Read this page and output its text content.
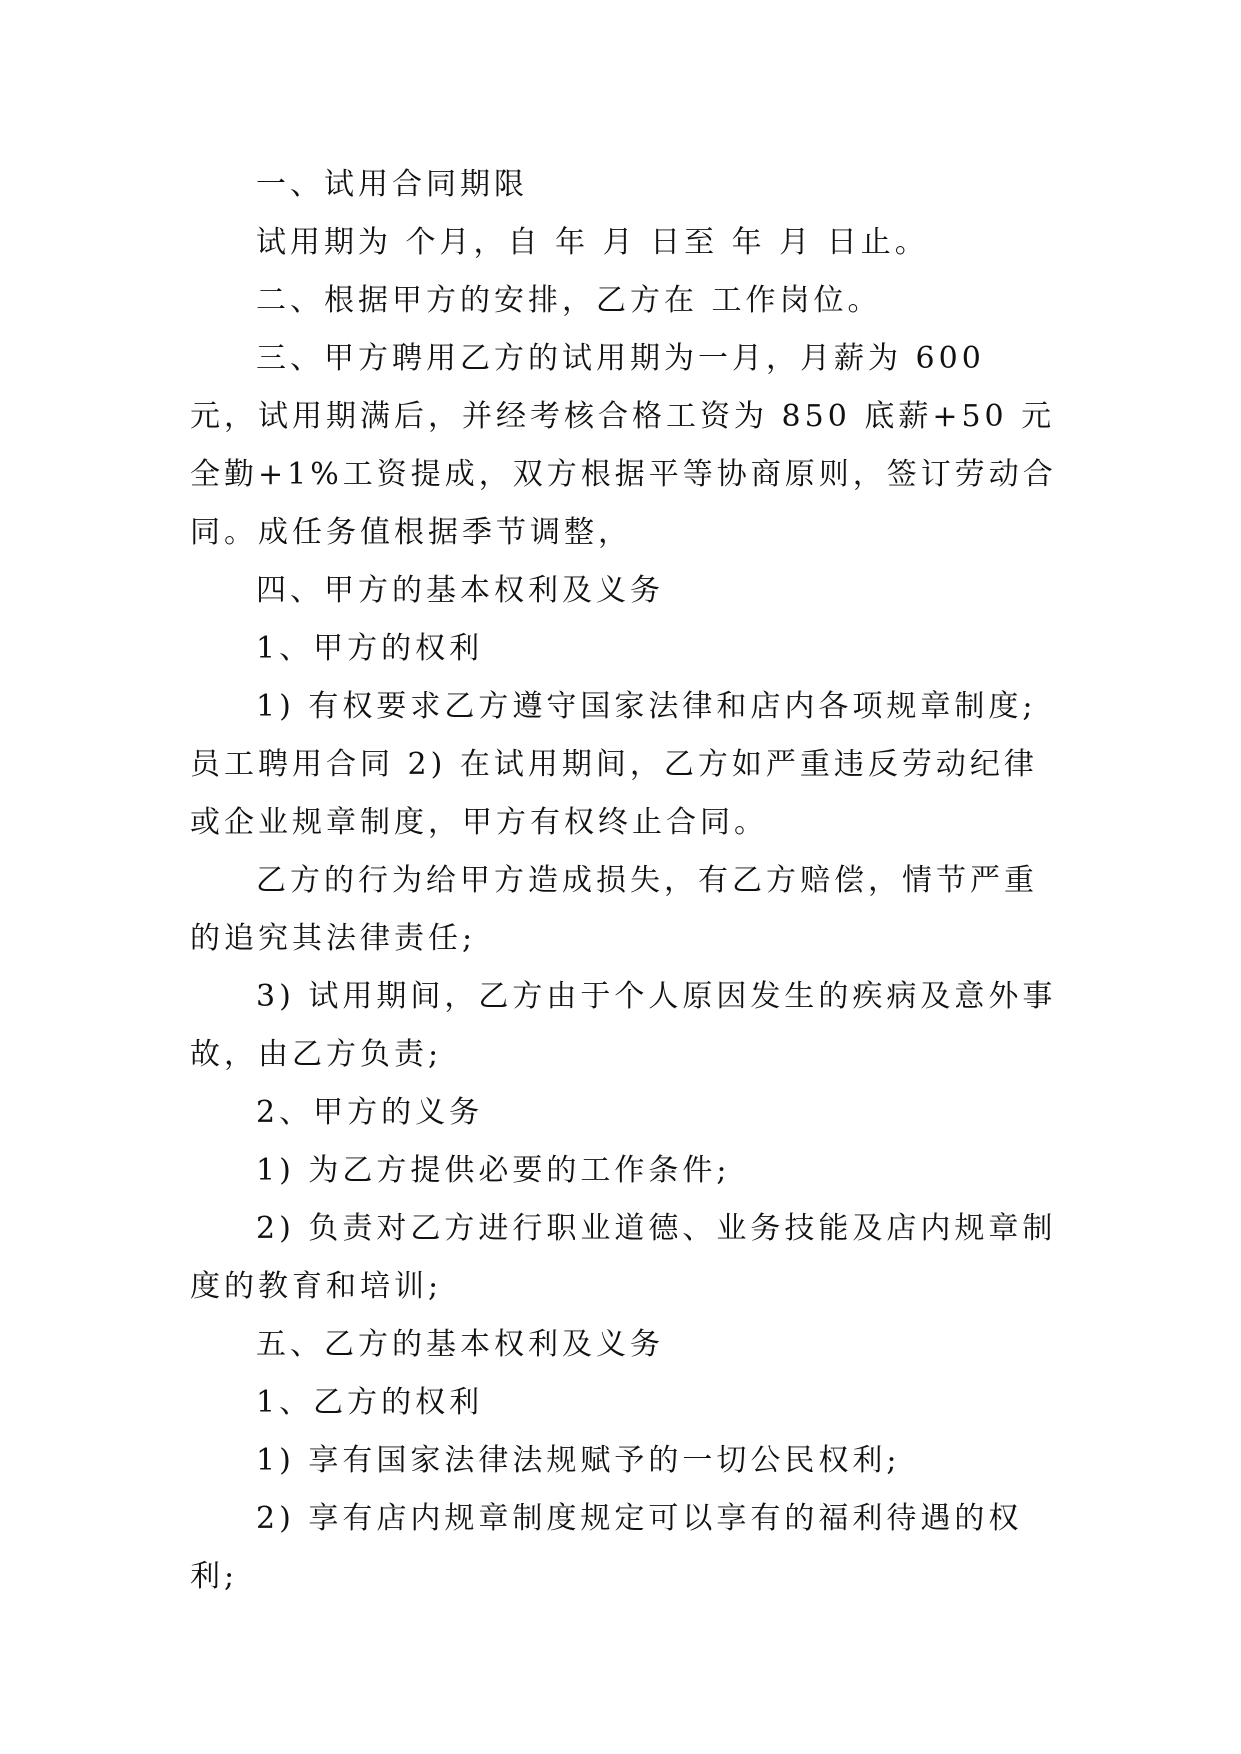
一、试用合同期限

试用期为 个月，自 年 月 日至 年 月 日止。

二、根据甲方的安排，乙方在 工作岗位。

三、甲方聘用乙方的试用期为一月，月薪为 600 元，试用期满后，并经考核合格工资为 850 底薪+50 元全勤+1%工资提成，双方根据平等协商原则，签订劳动合同。成任务值根据季节调整，

四、甲方的基本权利及义务

1、甲方的权利

1) 有权要求乙方遵守国家法律和店内各项规章制度;员工聘用合同 2) 在试用期间，乙方如严重违反劳动纪律或企业规章制度，甲方有权终止合同。

乙方的行为给甲方造成损失，有乙方赔偿，情节严重的追究其法律责任;

3) 试用期间，乙方由于个人原因发生的疾病及意外事故，由乙方负责;

2、甲方的义务

1) 为乙方提供必要的工作条件;

2) 负责对乙方进行职业道德、业务技能及店内规章制度的教育和培训;

五、乙方的基本权利及义务

1、乙方的权利

1) 享有国家法律法规赋予的一切公民权利;

2) 享有店内规章制度规定可以享有的福利待遇的权利;
